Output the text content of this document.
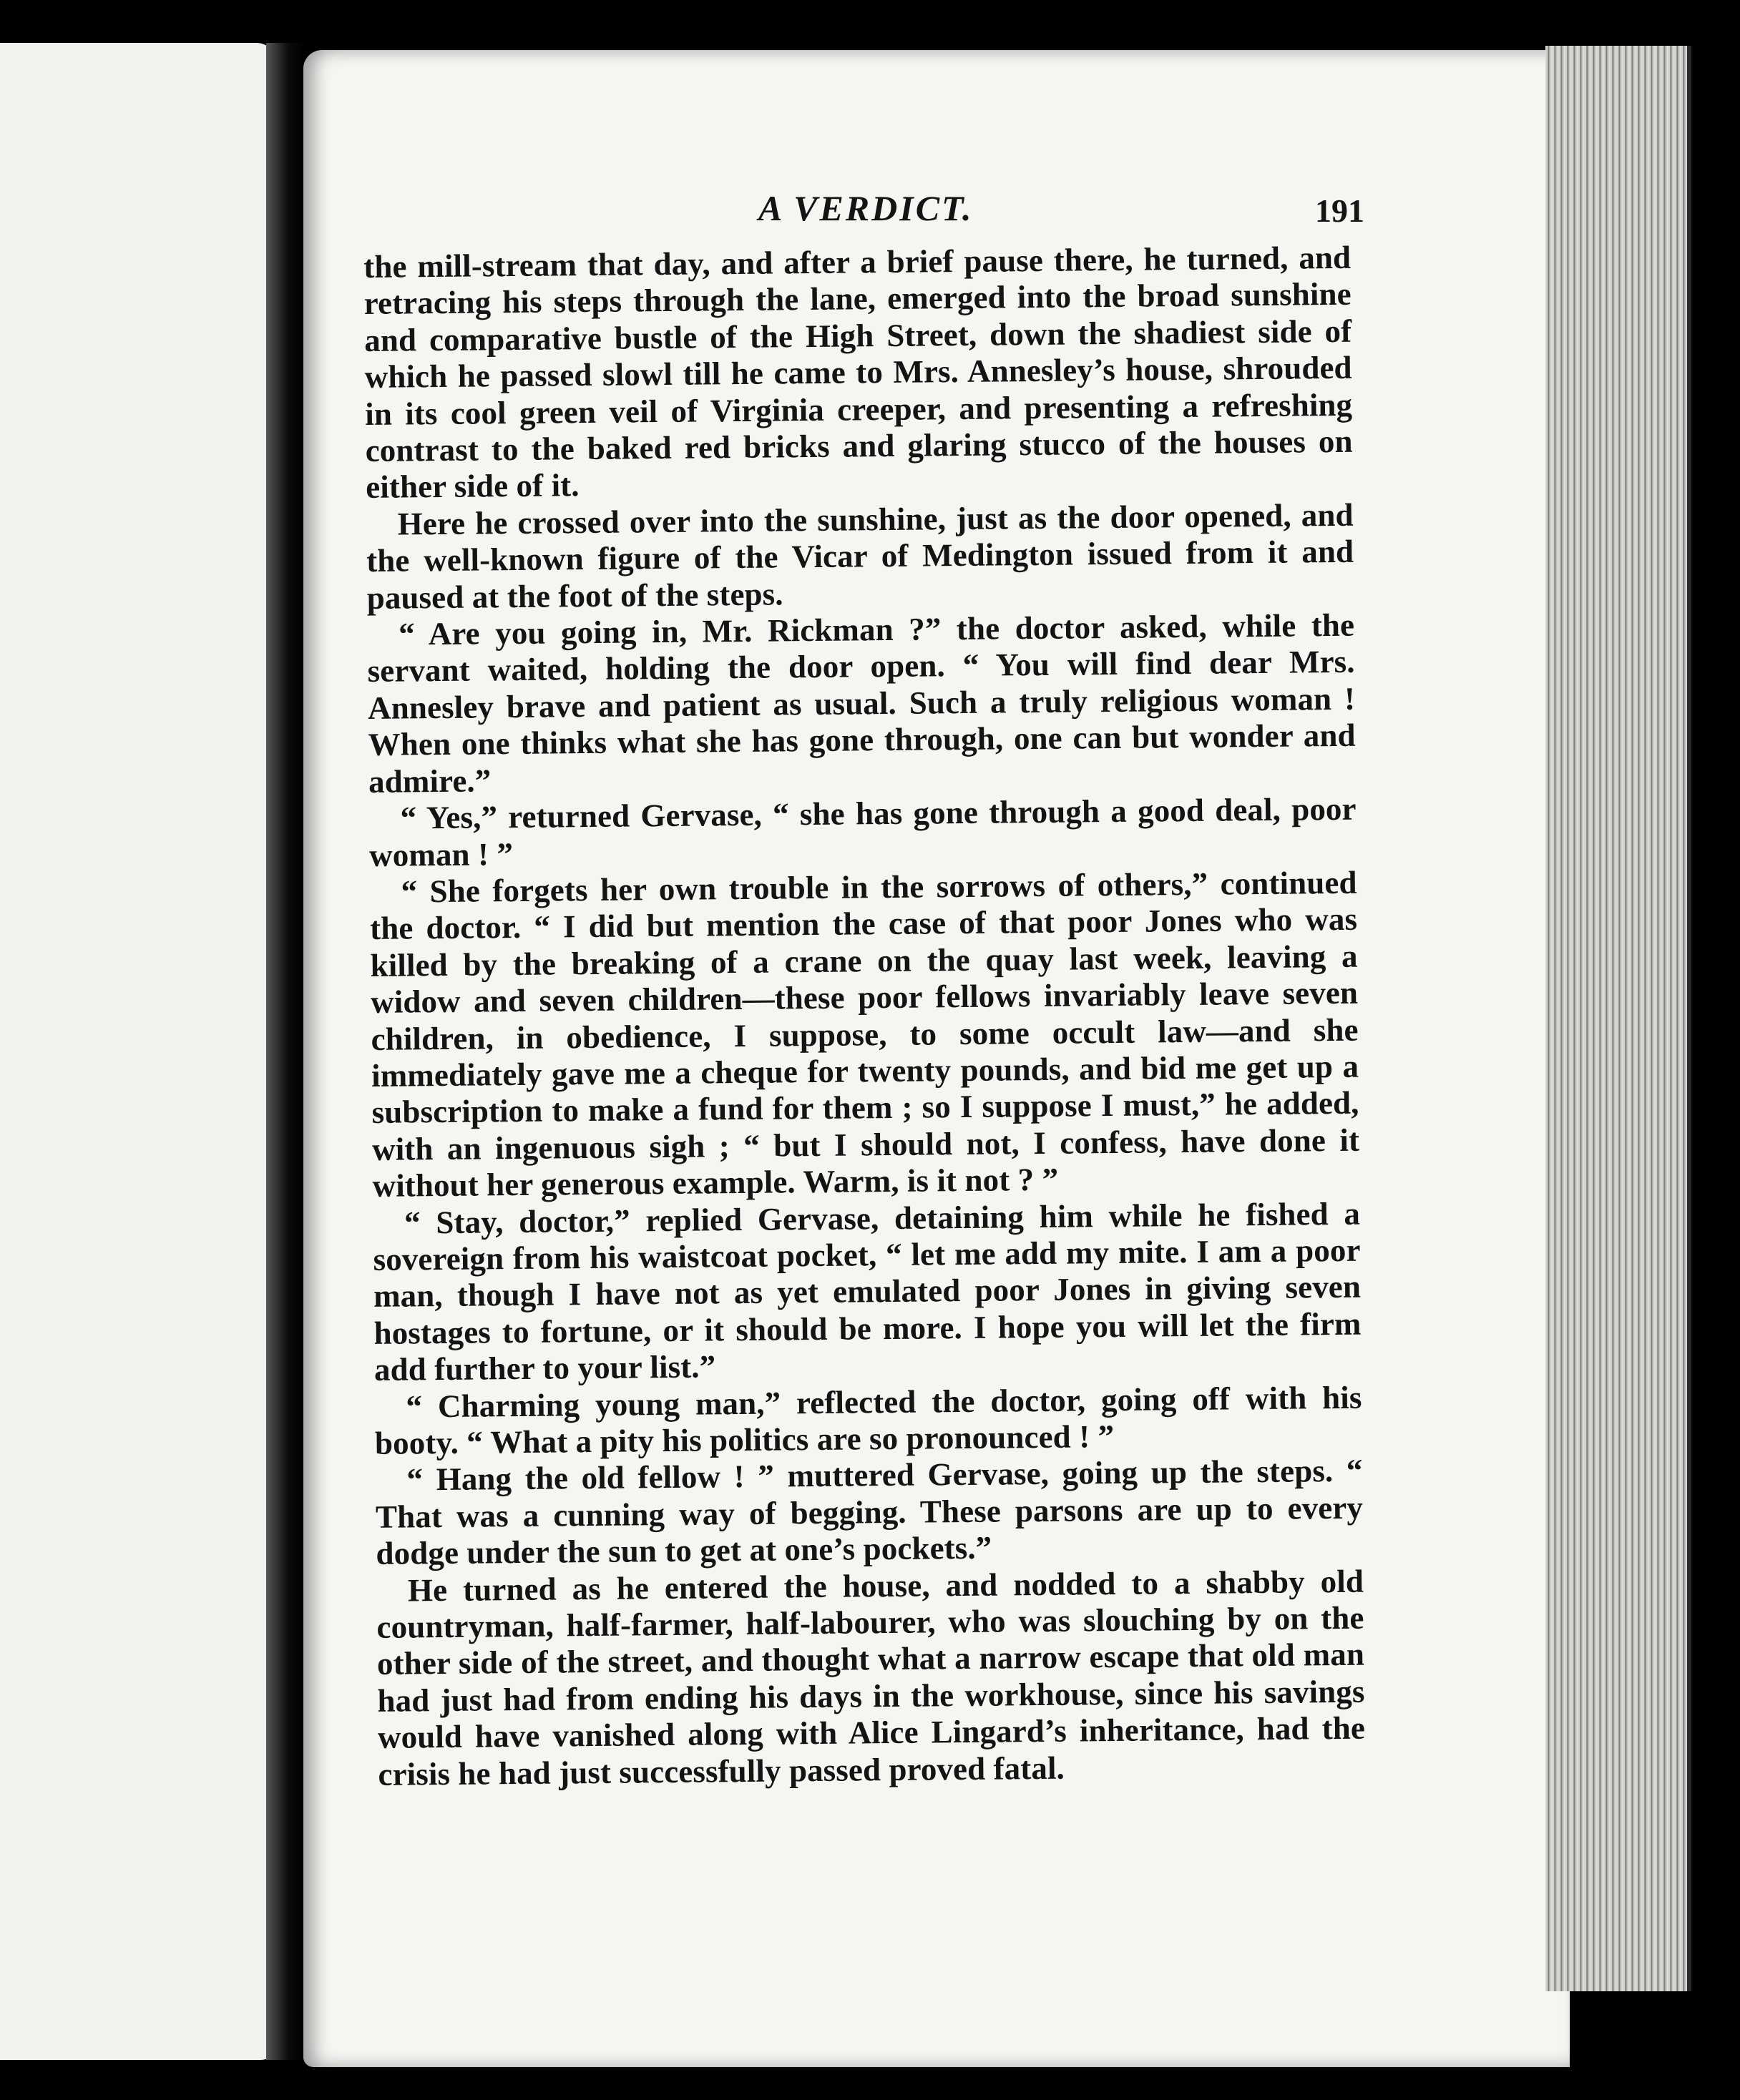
A VERDICT.	191

the mill-stream that day, and after a brief pause there, he turned, and retracing his steps through the lane, emerged into the broad sunshine and comparative bustle of the High Street, down the shadiest side of which he passed slowl till he came to Mrs. Annesley’s house, shrouded in its cool green veil of Virginia creeper, and presenting a refreshing contrast to the baked red bricks and glaring stucco of the houses on either side of it.

Here he crossed over into the sunshine, just as the door opened, and the well-known figure of the Vicar of Medington issued from it and paused at the foot of the steps.

“ Are you going in, Mr. Rickman ?” the doctor asked, while the servant waited, holding the door open. “ You will find dear Mrs. Annesley brave and patient as usual. Such a truly religious woman ! When one thinks what she has gone through, one can but wonder and admire.”

“ Yes,” returned Gervase, “ she has gone through a good deal, poor woman ! ”

“ She forgets her own trouble in the sorrows of others,” continued the doctor. “ I did but mention the case of that poor Jones who was killed by the breaking of a crane on the quay last week, leaving a widow and seven children—these poor fellows invariably leave seven children, in obedience, I suppose, to some occult law—and she immediately gave me a cheque for twenty pounds, and bid me get up a subscription to make a fund for them ; so I suppose I must,” he added, with an ingenuous sigh ; “ but I should not, I confess, have done it without her generous example. Warm, is it not ? ”

“ Stay, doctor,” replied Gervase, detaining him while he fished a sovereign from his waistcoat pocket, “ let me add my mite. I am a poor man, though I have not as yet emulated poor Jones in giving seven hostages to fortune, or it should be more. I hope you will let the firm add further to your list.”

“ Charming young man,” reflected the doctor, going off with his booty. “ What a pity his politics are so pronounced ! ”

“ Hang the old fellow ! ” muttered Gervase, going up the steps. “ That was a cunning way of begging. These parsons are up to every dodge under the sun to get at one’s pockets.”

He turned as he entered the house, and nodded to a shabby old countryman, half-farmer, half-labourer, who was slouching by on the other side of the street, and thought what a narrow escape that old man had just had from ending his days in the workhouse, since his savings would have vanished along with Alice Lingard’s inheritance, had the crisis he had just successfully passed proved fatal.
